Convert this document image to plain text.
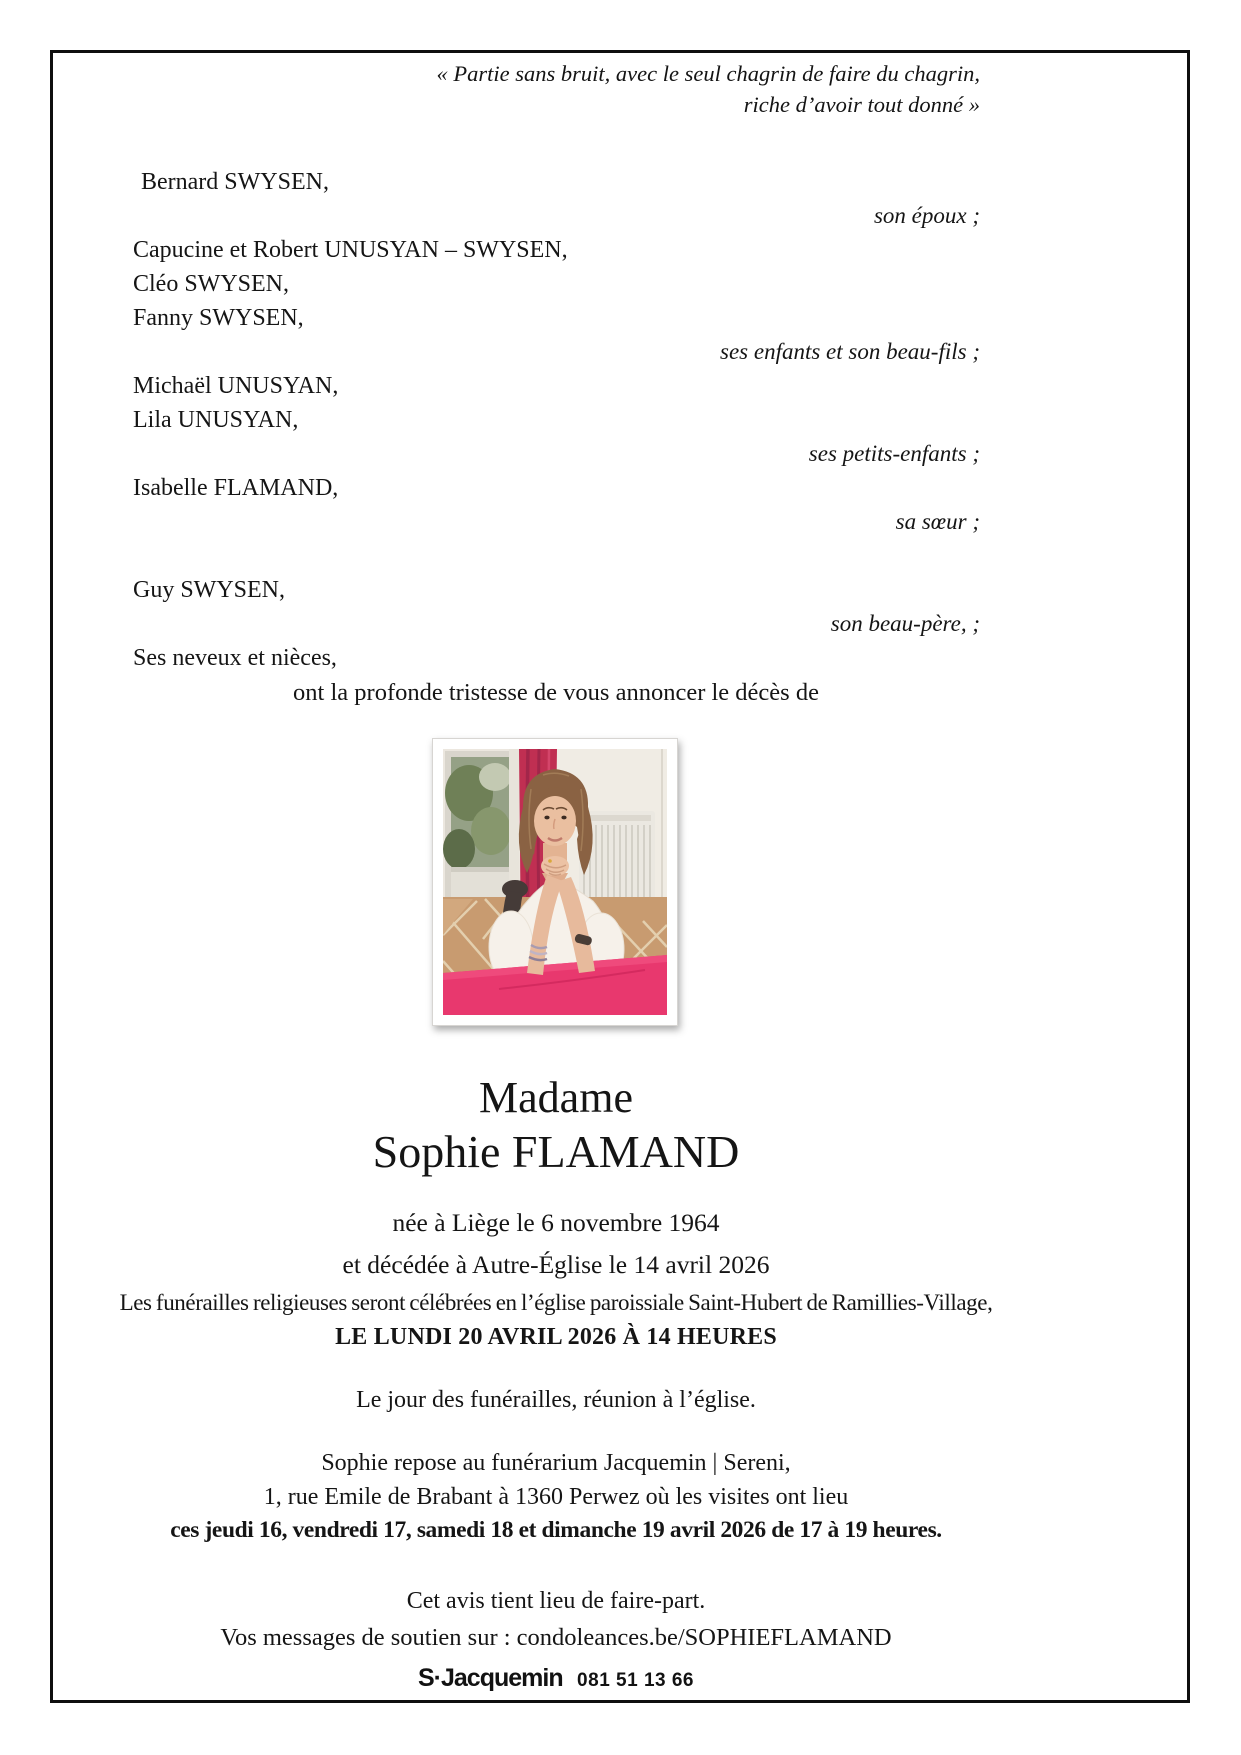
« Partie sans bruit, avec le seul chagrin de faire du chagrin,
riche d’avoir tout donné »
Bernard SWYSEN,
son époux ;
Capucine et Robert UNUSYAN – SWYSEN,
Cléo SWYSEN,
Fanny SWYSEN,
ses enfants et son beau-fils ;
Michaël UNUSYAN,
Lila UNUSYAN,
ses petits-enfants ;
Isabelle FLAMAND,
sa sœur ;
Guy SWYSEN,
son beau-père, ;
Ses neveux et nièces,
ont la profonde tristesse de vous annoncer le décès de
Madame
Sophie FLAMAND
née à Liège le 6 novembre 1964
et décédée à Autre-Église le 14 avril 2026
Les funérailles religieuses seront célébrées en l’église paroissiale Saint-Hubert de Ramillies-Village,
LE LUNDI 20 AVRIL 2026 À 14 HEURES
Le jour des funérailles, réunion à l’église.
Sophie repose au funérarium Jacquemin | Sereni,
1, rue Emile de Brabant à 1360 Perwez où les visites ont lieu
ces jeudi 16, vendredi 17, samedi 18 et dimanche 19 avril 2026 de 17 à 19 heures.
Cet avis tient lieu de faire-part.
Vos messages de soutien sur : condoleances.be/SOPHIEFLAMAND
S·Jacquemin 081 51 13 66
